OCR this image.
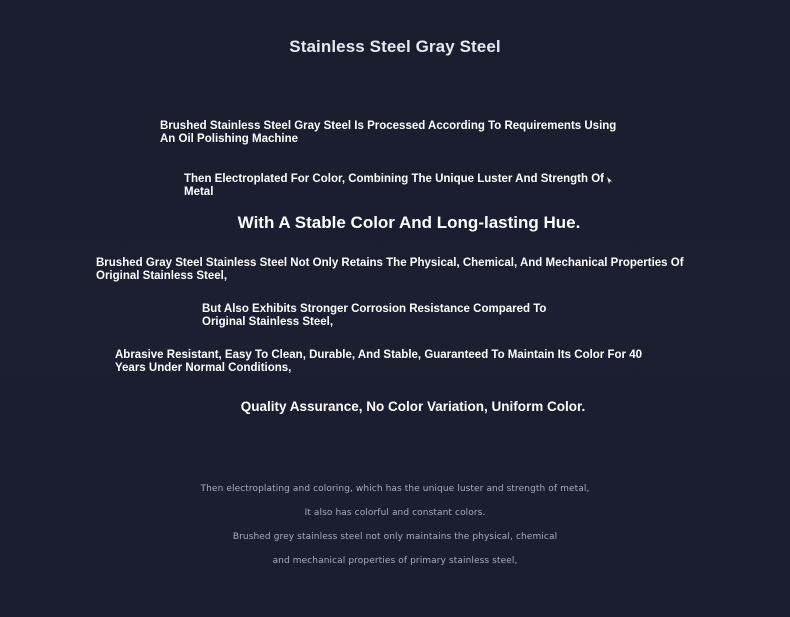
Stainless Steel Gray Steel
Brushed Stainless Steel Gray Steel Is Processed According To Requirements Using An Oil Polishing Machine
Then Electroplated For Color, Combining The Unique Luster And Strength Of Metal
With A Stable Color And Long-lasting Hue.
Brushed Gray Steel Stainless Steel Not Only Retains The Physical, Chemical, And Mechanical Properties Of Original Stainless Steel,
But Also Exhibits Stronger Corrosion Resistance Compared To Original Stainless Steel,
Abrasive Resistant, Easy To Clean, Durable, And Stable, Guaranteed To Maintain Its Color For 40 Years Under Normal Conditions,
Quality Assurance, No Color Variation, Uniform Color.
Then electroplating and coloring, which has the unique luster and strength of metal,
It also has colorful and constant colors.
Brushed grey stainless steel not only maintains the physical, chemical
and mechanical properties of primary stainless steel,
